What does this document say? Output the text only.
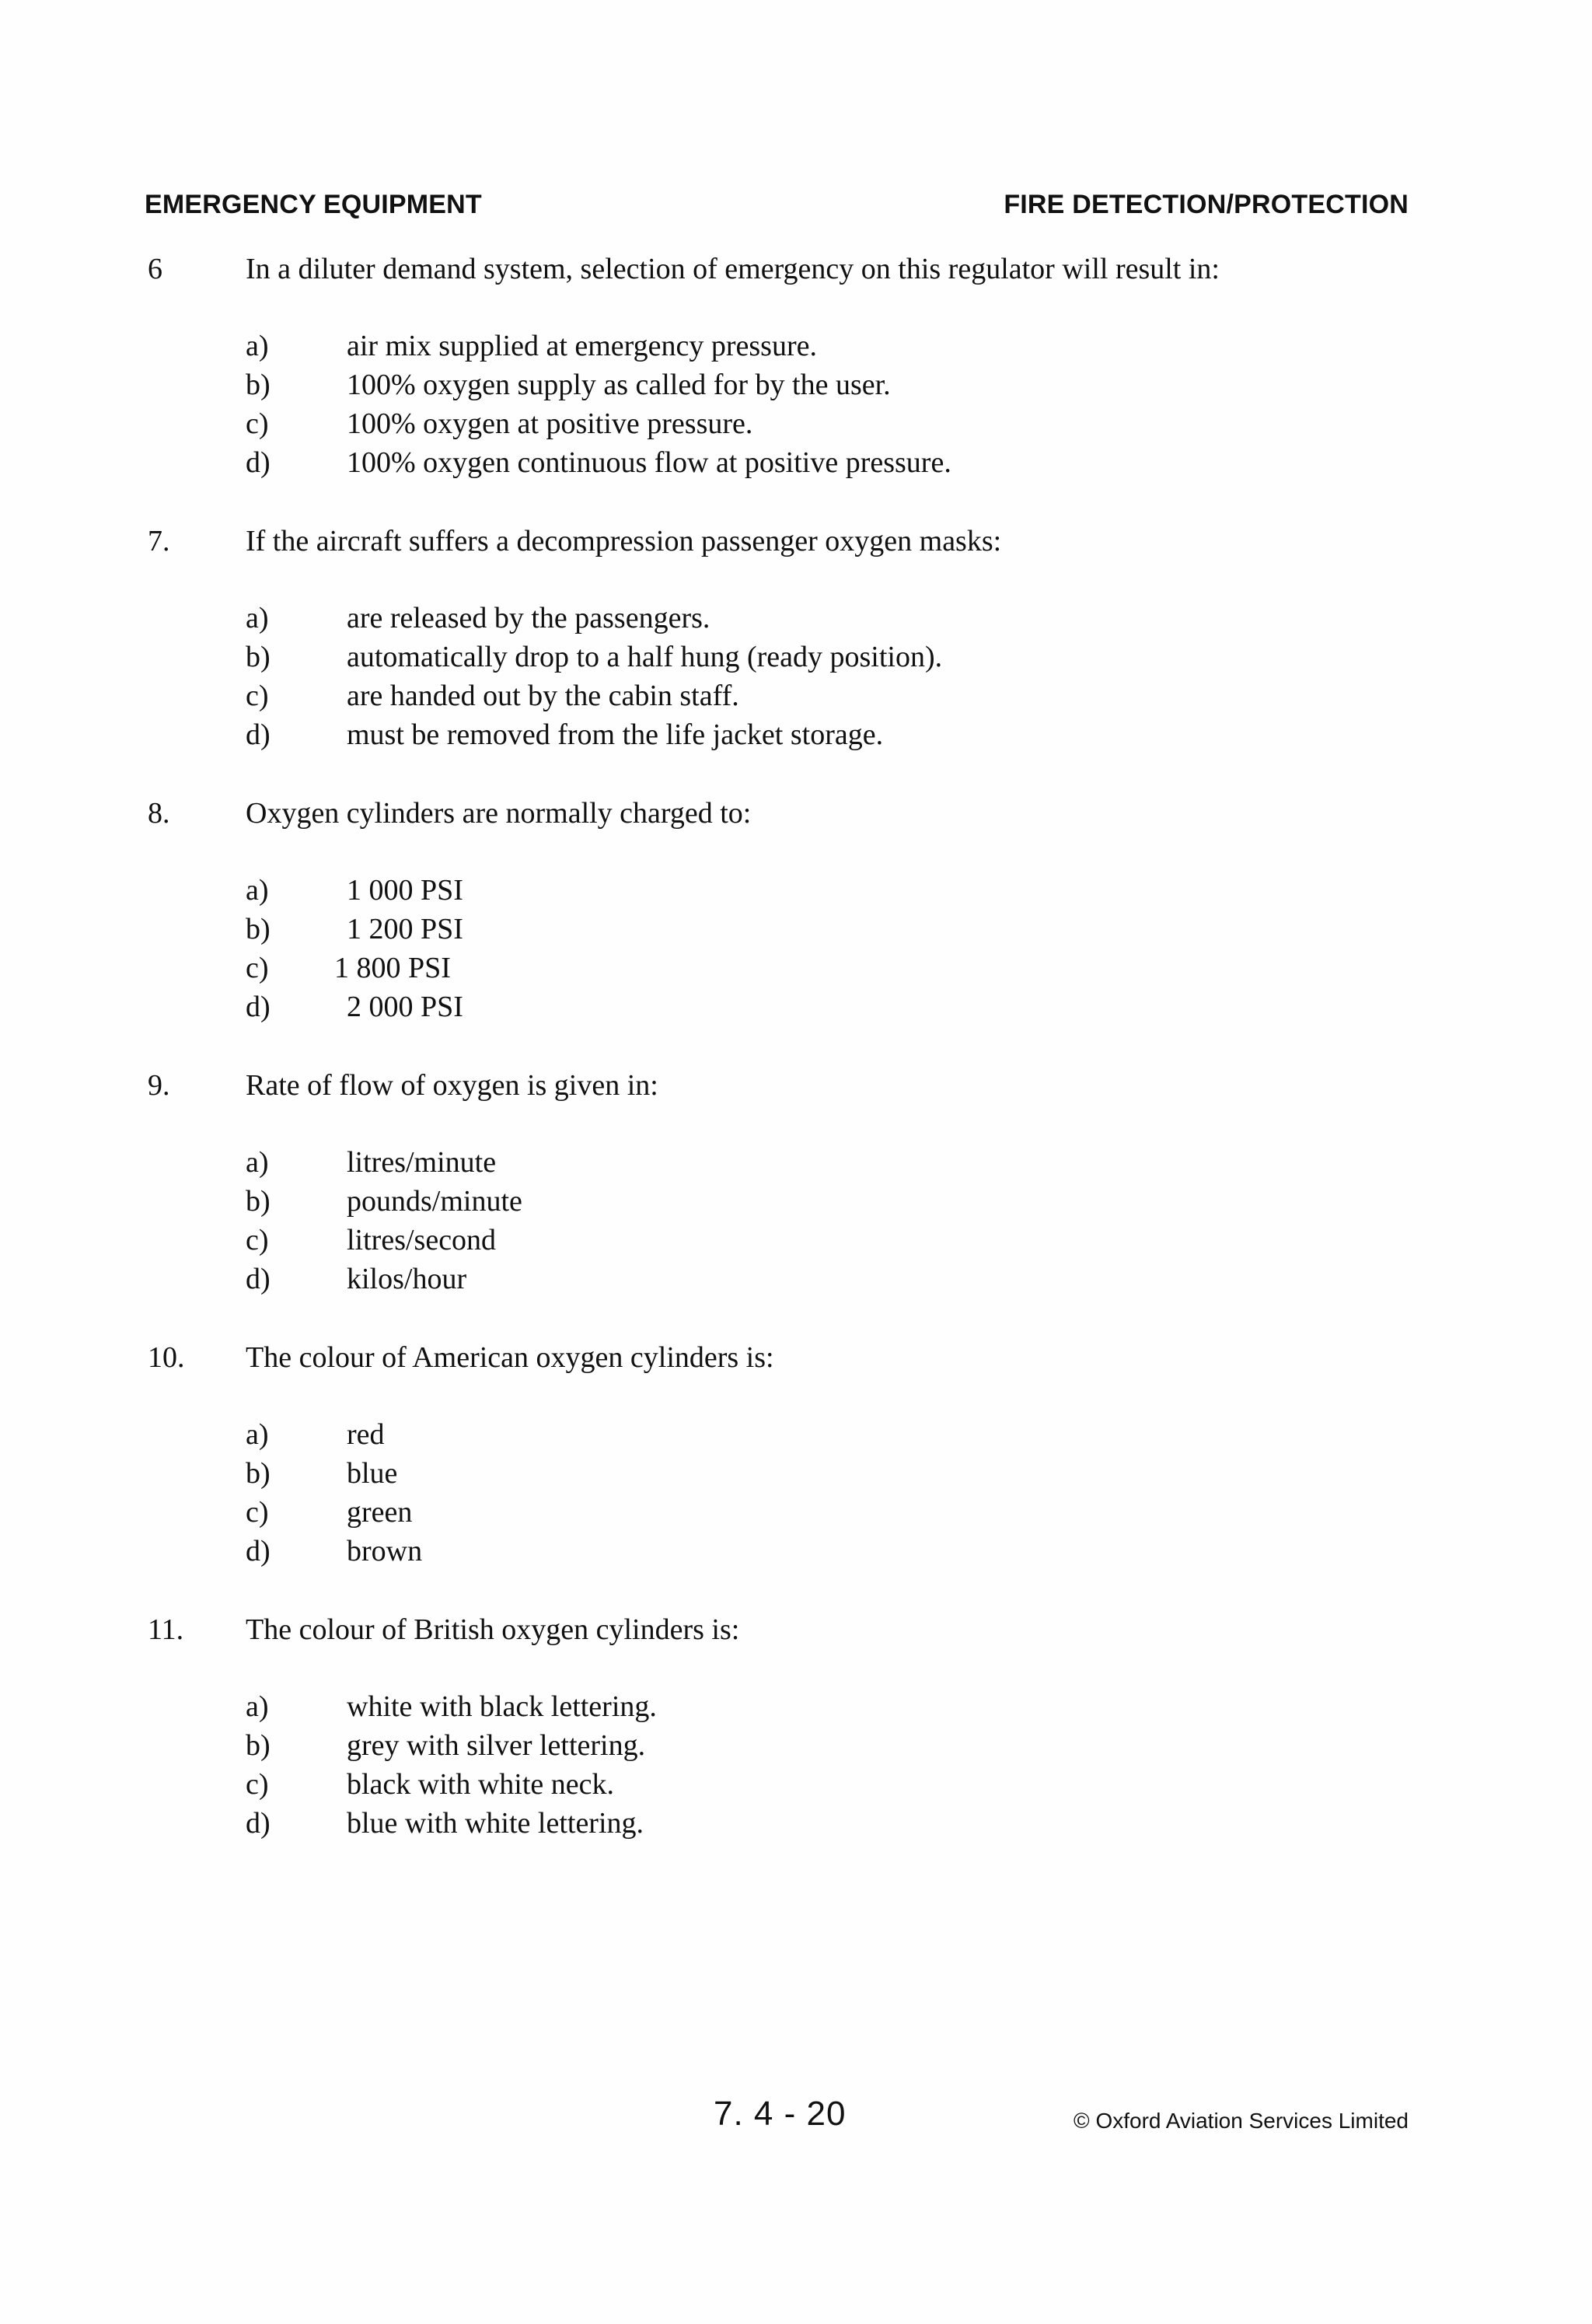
EMERGENCY EQUIPMENT	FIRE DETECTION/PROTECTION
6	In a diluter demand system, selection of emergency on this regulator will result in:
a)	air mix supplied at emergency pressure.
b)	100% oxygen supply as called for by the user.
c)	100% oxygen at positive pressure.
d)	100% oxygen continuous flow at positive pressure.
7.	If the aircraft suffers a decompression passenger oxygen masks:
a)	are released by the passengers.
b)	automatically drop to a half hung (ready position).
c)	are handed out by the cabin staff.
d)	must be removed from the life jacket storage.
8.	Oxygen cylinders are normally charged to:
a)	1 000 PSI
b)	1 200 PSI
c) 1 800 PSI
d)	2 000 PSI
9.	Rate of flow of oxygen is given in:
a)	litres/minute
b)	pounds/minute
c)	litres/second
d)	kilos/hour
10. The colour of American oxygen cylinders is:
a)	red
b)	blue
c)	green
d)	brown
11. The colour of British oxygen cylinders is:
a)	white with black lettering.
b)	grey with silver lettering.
c)	black with white neck.
d)	blue with white lettering.
7. 4 - 20	© Oxford Aviation Services Limited
